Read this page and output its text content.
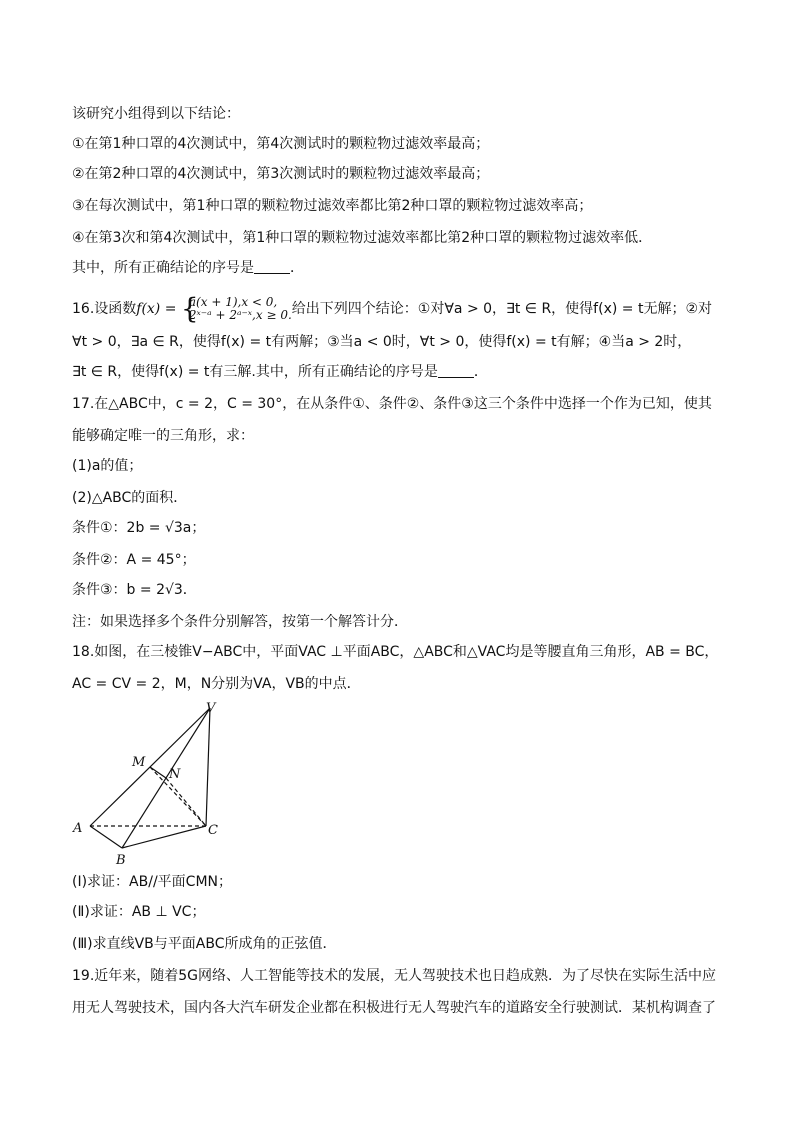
该研究小组得到以下结论：
①在第1种口罩的4次测试中，第4次测试时的颗粒物过滤效率最高；
②在第2种口罩的4次测试中，第3次测试时的颗粒物过滤效率最高；
③在每次测试中，第1种口罩的颗粒物过滤效率都比第2种口罩的颗粒物过滤效率高；
④在第3次和第4次测试中，第1种口罩的颗粒物过滤效率都比第2种口罩的颗粒物过滤效率低．
其中，所有正确结论的序号是	．
16.设函数f(x) = {
a(x + 1),x < 0,
2ˣ⁻ᵃ + 2ᵃ⁻ˣ,x ≥ 0. 给出下列四个结论：①对∀a > 0，∃t ∈ R，使得f(x) = t无解；②对
∀t > 0，∃a ∈ R，使得f(x) = t有两解；③当a < 0时，∀t > 0，使得f(x) = t有解；④当a > 2时，
∃t ∈ R，使得f(x) = t有三解.其中，所有正确结论的序号是	．
17.在△ABC中，c = 2，C = 30°，在从条件①、条件②、条件③这三个条件中选择一个作为已知，使其
能够确定唯一的三角形，求：
(1)a的值；
(2)△ABC的面积．
条件①：2b = √3a；
条件②：A = 45°；
条件③：b = 2√3．
注：如果选择多个条件分别解答，按第一个解答计分．
18.如图，在三棱锥V−ABC中，平面VAC ⊥平面ABC，△ABC和△VAC均是等腰直角三角形，AB = BC，
AC = CV = 2，M，N分别为VA，VB的中点．
V
M
N
A
B
C
(Ⅰ)求证：AB//平面CMN；
(Ⅱ)求证：AB ⊥ VC；
(Ⅲ)求直线VB与平面ABC所成角的正弦值．
19.近年来，随着5G网络、人工智能等技术的发展，无人驾驶技术也日趋成熟．为了尽快在实际生活中应
用无人驾驶技术，国内各大汽车研发企业都在积极进行无人驾驶汽车的道路安全行驶测试．某机构调查了
